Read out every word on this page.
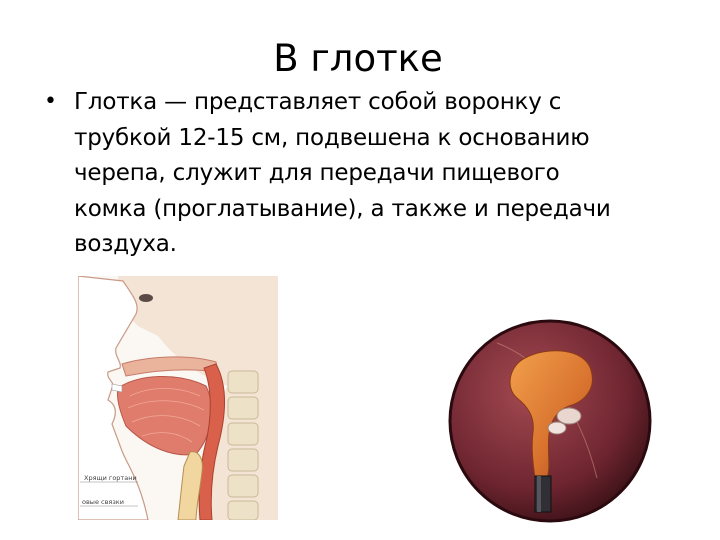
В глотке
• Глотка — представляет собой воронку с
трубкой 12-15 см, подвешена к основанию
черепа, служит для передачи пищевого
комка (проглатывание), а также и передачи
воздуха.
Хрящи гортани
овые связки
